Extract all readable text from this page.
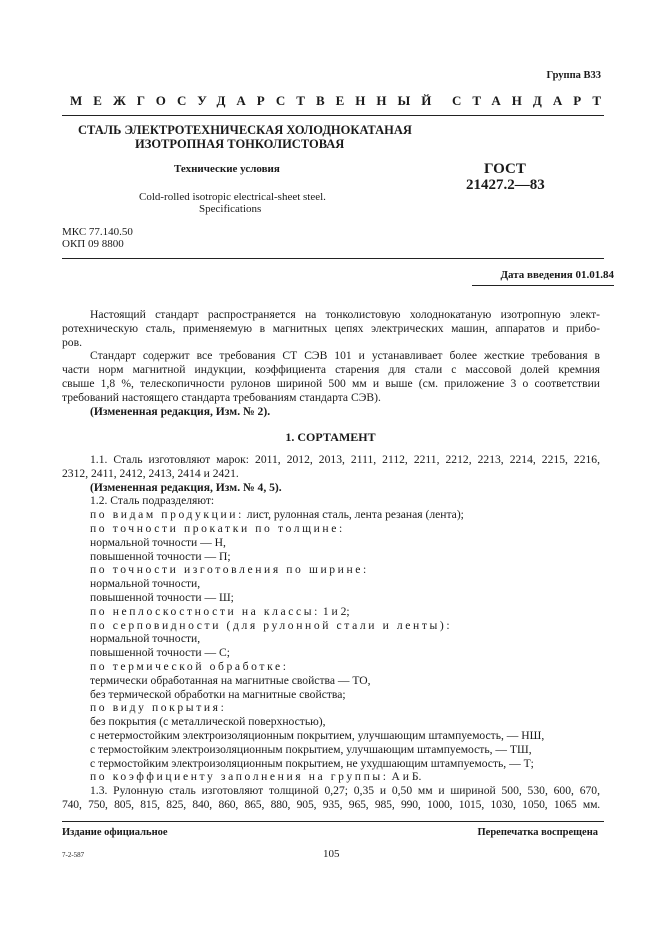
Группа В33
МЕЖГОСУДАРСТВЕННЫЙ СТАНДАРТ
СТАЛЬ ЭЛЕКТРОТЕХНИЧЕСКАЯ ХОЛОДНОКАТАНАЯ
ИЗОТРОПНАЯ ТОНКОЛИСТОВАЯ
Технические условия	ГОСТ
21427.2—83
Cold-rolled isotropic electrical-sheet steel.
Specifications
МКС 77.140.50
ОКП 09 8800
Дата введения 01.01.84

Настоящий стандарт распространяется на тонколистовую холоднокатаную изотропную элект-

ротехническую сталь, применяемую в магнитных цепях электрических машин, аппаратов и прибо-

ров.

Стандарт содержит все требования СТ СЭВ 101 и устанавливает более жесткие требования в

части норм магнитной индукции, коэффициента старения для стали с массовой долей кремния

свыше 1,8 %, телескопичности рулонов шириной 500 мм и выше (см. приложение 3 о соответствии

требований настоящего стандарта требованиям стандарта СЭВ).

(Измененная редакция, Изм. № 2).

1. СОРТАМЕНТ

1.1. Сталь изготовляют марок: 2011, 2012, 2013, 2111, 2112, 2211, 2212, 2213, 2214, 2215, 2216,

2312, 2411, 2412, 2413, 2414 и 2421.

(Измененная редакция, Изм. № 4, 5).

1.2. Сталь подразделяют:

по видам продукции: лист, рулонная сталь, лента резаная (лента);

по точности прокатки по толщине:

нормальной точности — Н,

повышенной точности — П;

по точности изготовления по ширине:

нормальной точности,

повышенной точности — Ш;

по неплоскостности на классы: 1 и 2;

по серповидности (для рулонной стали и ленты):

нормальной точности,

повышенной точности — С;

по термической обработке:

термически обработанная на магнитные свойства — ТО,

без термической обработки на магнитные свойства;

по виду покрытия:

без покрытия (с металлической поверхностью),

с нетермостойким электроизоляционным покрытием, улучшающим штампуемость, — НШ,

с термостойким электроизоляционным покрытием, улучшающим штампуемость, — ТШ,

с термостойким электроизоляционным покрытием, не ухудшающим штампуемость, — Т;

по коэффициенту заполнения на группы: А и Б.

1.3. Рулонную сталь изготовляют толщиной 0,27; 0,35 и 0,50 мм и шириной 500, 530, 600, 670,

740, 750, 805, 815, 825, 840, 860, 865, 880, 905, 935, 965, 985, 990, 1000, 1015, 1030, 1050, 1065 мм.

Издание официальное	Перепечатка воспрещена
7-2-587	105
